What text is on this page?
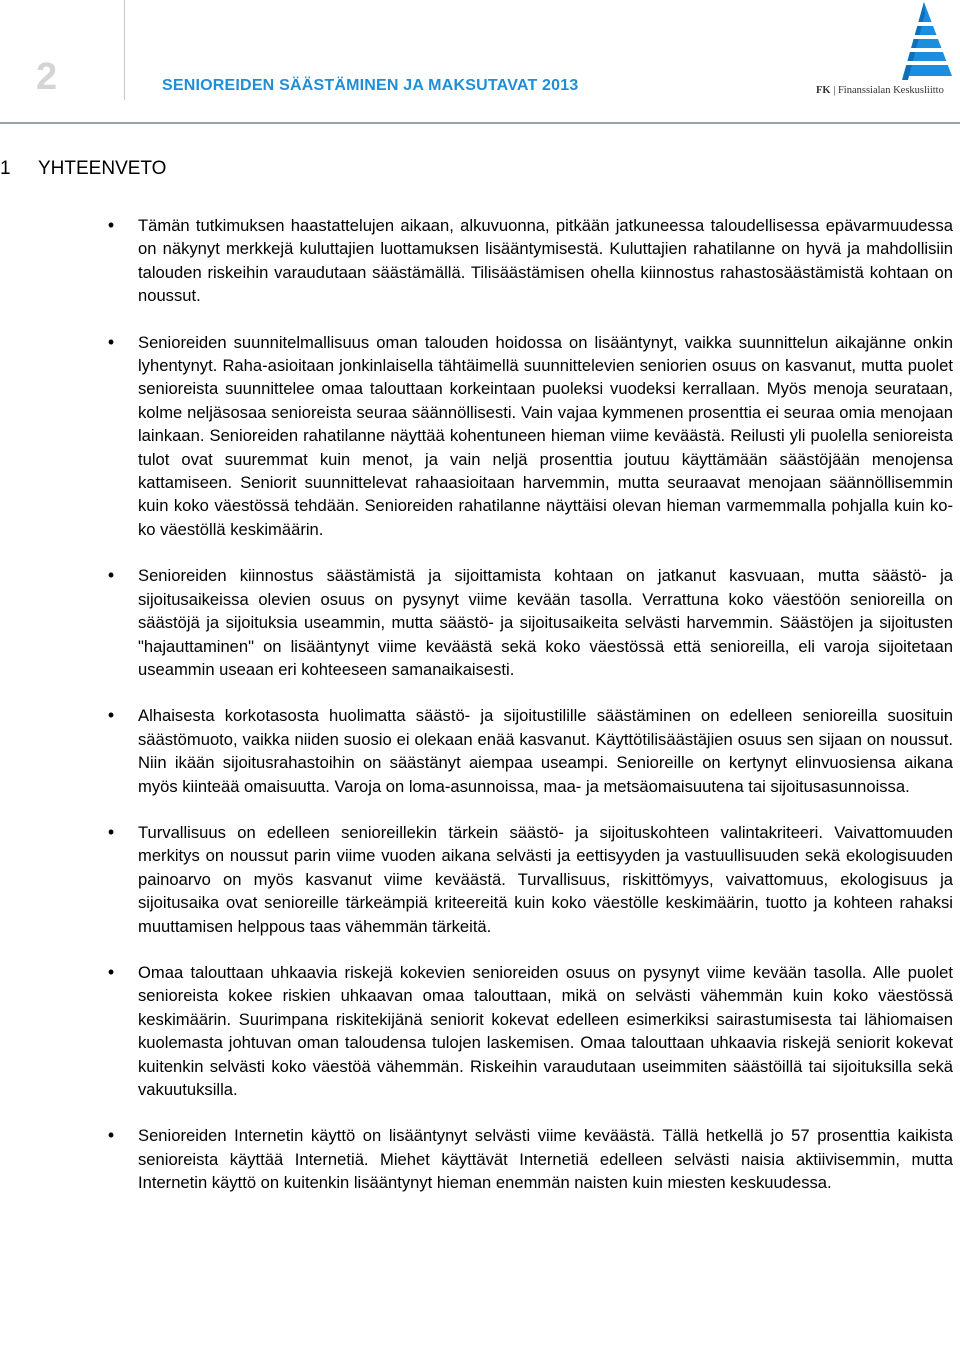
2	SENIOREIDEN SÄÄSTÄMINEN JA MAKSUTAVAT 2013	FK | Finanssialan Keskusliitto
1 YHTEENVETO
• Tämän tutkimuksen haastattelujen aikaan, alkuvuonna, pitkään jatkuneessa taloudellisessa epävarmuudessa on näkynyt merkkejä kuluttajien luottamuksen lisääntymisestä. Kuluttajien rahatilanne on hyvä ja mahdollisiin talouden riskeihin varaudutaan säästämällä. Tilisäästämisen ohella kiinnostus rahastosäästämistä kohtaan on noussut.
• Senioreiden suunnitelmallisuus oman talouden hoidossa on lisääntynyt, vaikka suunnittelun aikajänne onkin lyhentynyt. Raha-asioitaan jonkinlaisella tähtäimellä suunnittelevien seniorien osuus on kasvanut, mutta puolet senioreista suunnittelee omaa talouttaan korkeintaan puoleksi vuodeksi kerrallaan. Myös menoja seurataan, kolme neljäsosaa senioreista seuraa säännöllisesti. Vain vajaa kymmenen prosenttia ei seuraa omia menojaan lainkaan. Senioreiden rahatilanne näyttää kohentuneen hieman viime keväästä. Reilusti yli puolella senioreista tulot ovat suuremmat kuin menot, ja vain neljä prosenttia joutuu käyttämään säästöjään menojensa kattamiseen. Seniorit suunnittelevat rahaasioitaan harvemmin, mutta seuraavat menojaan säännöllisemmin kuin koko väestössä tehdään. Senioreiden rahatilanne näyttäisi olevan hieman varmemmalla pohjalla kuin koko väestöllä keskimäärin.
• Senioreiden kiinnostus säästämistä ja sijoittamista kohtaan on jatkanut kasvuaan, mutta säästö- ja sijoitusaikeissa olevien osuus on pysynyt viime kevään tasolla. Verrattuna koko väestöön senioreilla on säästöjä ja sijoituksia useammin, mutta säästö- ja sijoitusaikeita selvästi harvemmin. Säästöjen ja sijoitusten "hajauttaminen" on lisääntynyt viime keväästä sekä koko väestössä että senioreilla, eli varoja sijoitetaan useammin useaan eri kohteeseen samanaikaisesti.
• Alhaisesta korkotasosta huolimatta säästö- ja sijoitustilille säästäminen on edelleen senioreilla suosituin säästömuoto, vaikka niiden suosio ei olekaan enää kasvanut. Käyttötilisäästäjien osuus sen sijaan on noussut. Niin ikään sijoitusrahastoihin on säästänyt aiempaa useampi. Senioreille on kertynyt elinvuosiensa aikana myös kiinteää omaisuutta. Varoja on loma-asunnoissa, maa- ja metsäomaisuutena tai sijoitusasunnoissa.
• Turvallisuus on edelleen senioreillekin tärkein säästö- ja sijoituskohteen valintakriteeri. Vaivattomuuden merkitys on noussut parin viime vuoden aikana selvästi ja eettisyyden ja vastuullisuuden sekä ekologisuuden painoarvo on myös kasvanut viime keväästä. Turvallisuus, riskittömyys, vaivattomuus, ekologisuus ja sijoitusaika ovat senioreille tärkeämpiä kriteereitä kuin koko väestölle keskimäärin, tuotto ja kohteen rahaksi muuttamisen helppous taas vähemmän tärkeitä.
• Omaa talouttaan uhkaavia riskejä kokevien senioreiden osuus on pysynyt viime kevään tasolla. Alle puolet senioreista kokee riskien uhkaavan omaa talouttaan, mikä on selvästi vähemmän kuin koko väestössä keskimäärin. Suurimpana riskitekijänä seniorit kokevat edelleen esimerkiksi sairastumisesta tai lähiomaisen kuolemasta johtuvan oman taloudensa tulojen laskemisen. Omaa talouttaan uhkaavia riskejä seniorit kokevat kuitenkin selvästi koko väestöä vähemmän. Riskeihin varaudutaan useimmiten säästöillä tai sijoituksilla sekä vakuutuksilla.
• Senioreiden Internetin käyttö on lisääntynyt selvästi viime keväästä. Tällä hetkellä jo 57 prosenttia kaikista senioreista käyttää Internetiä. Miehet käyttävät Internetiä edelleen selvästi naisia aktiivisemmin, mutta Internetin käyttö on kuitenkin lisääntynyt hieman enemmän naisten kuin miesten keskuudessa.
